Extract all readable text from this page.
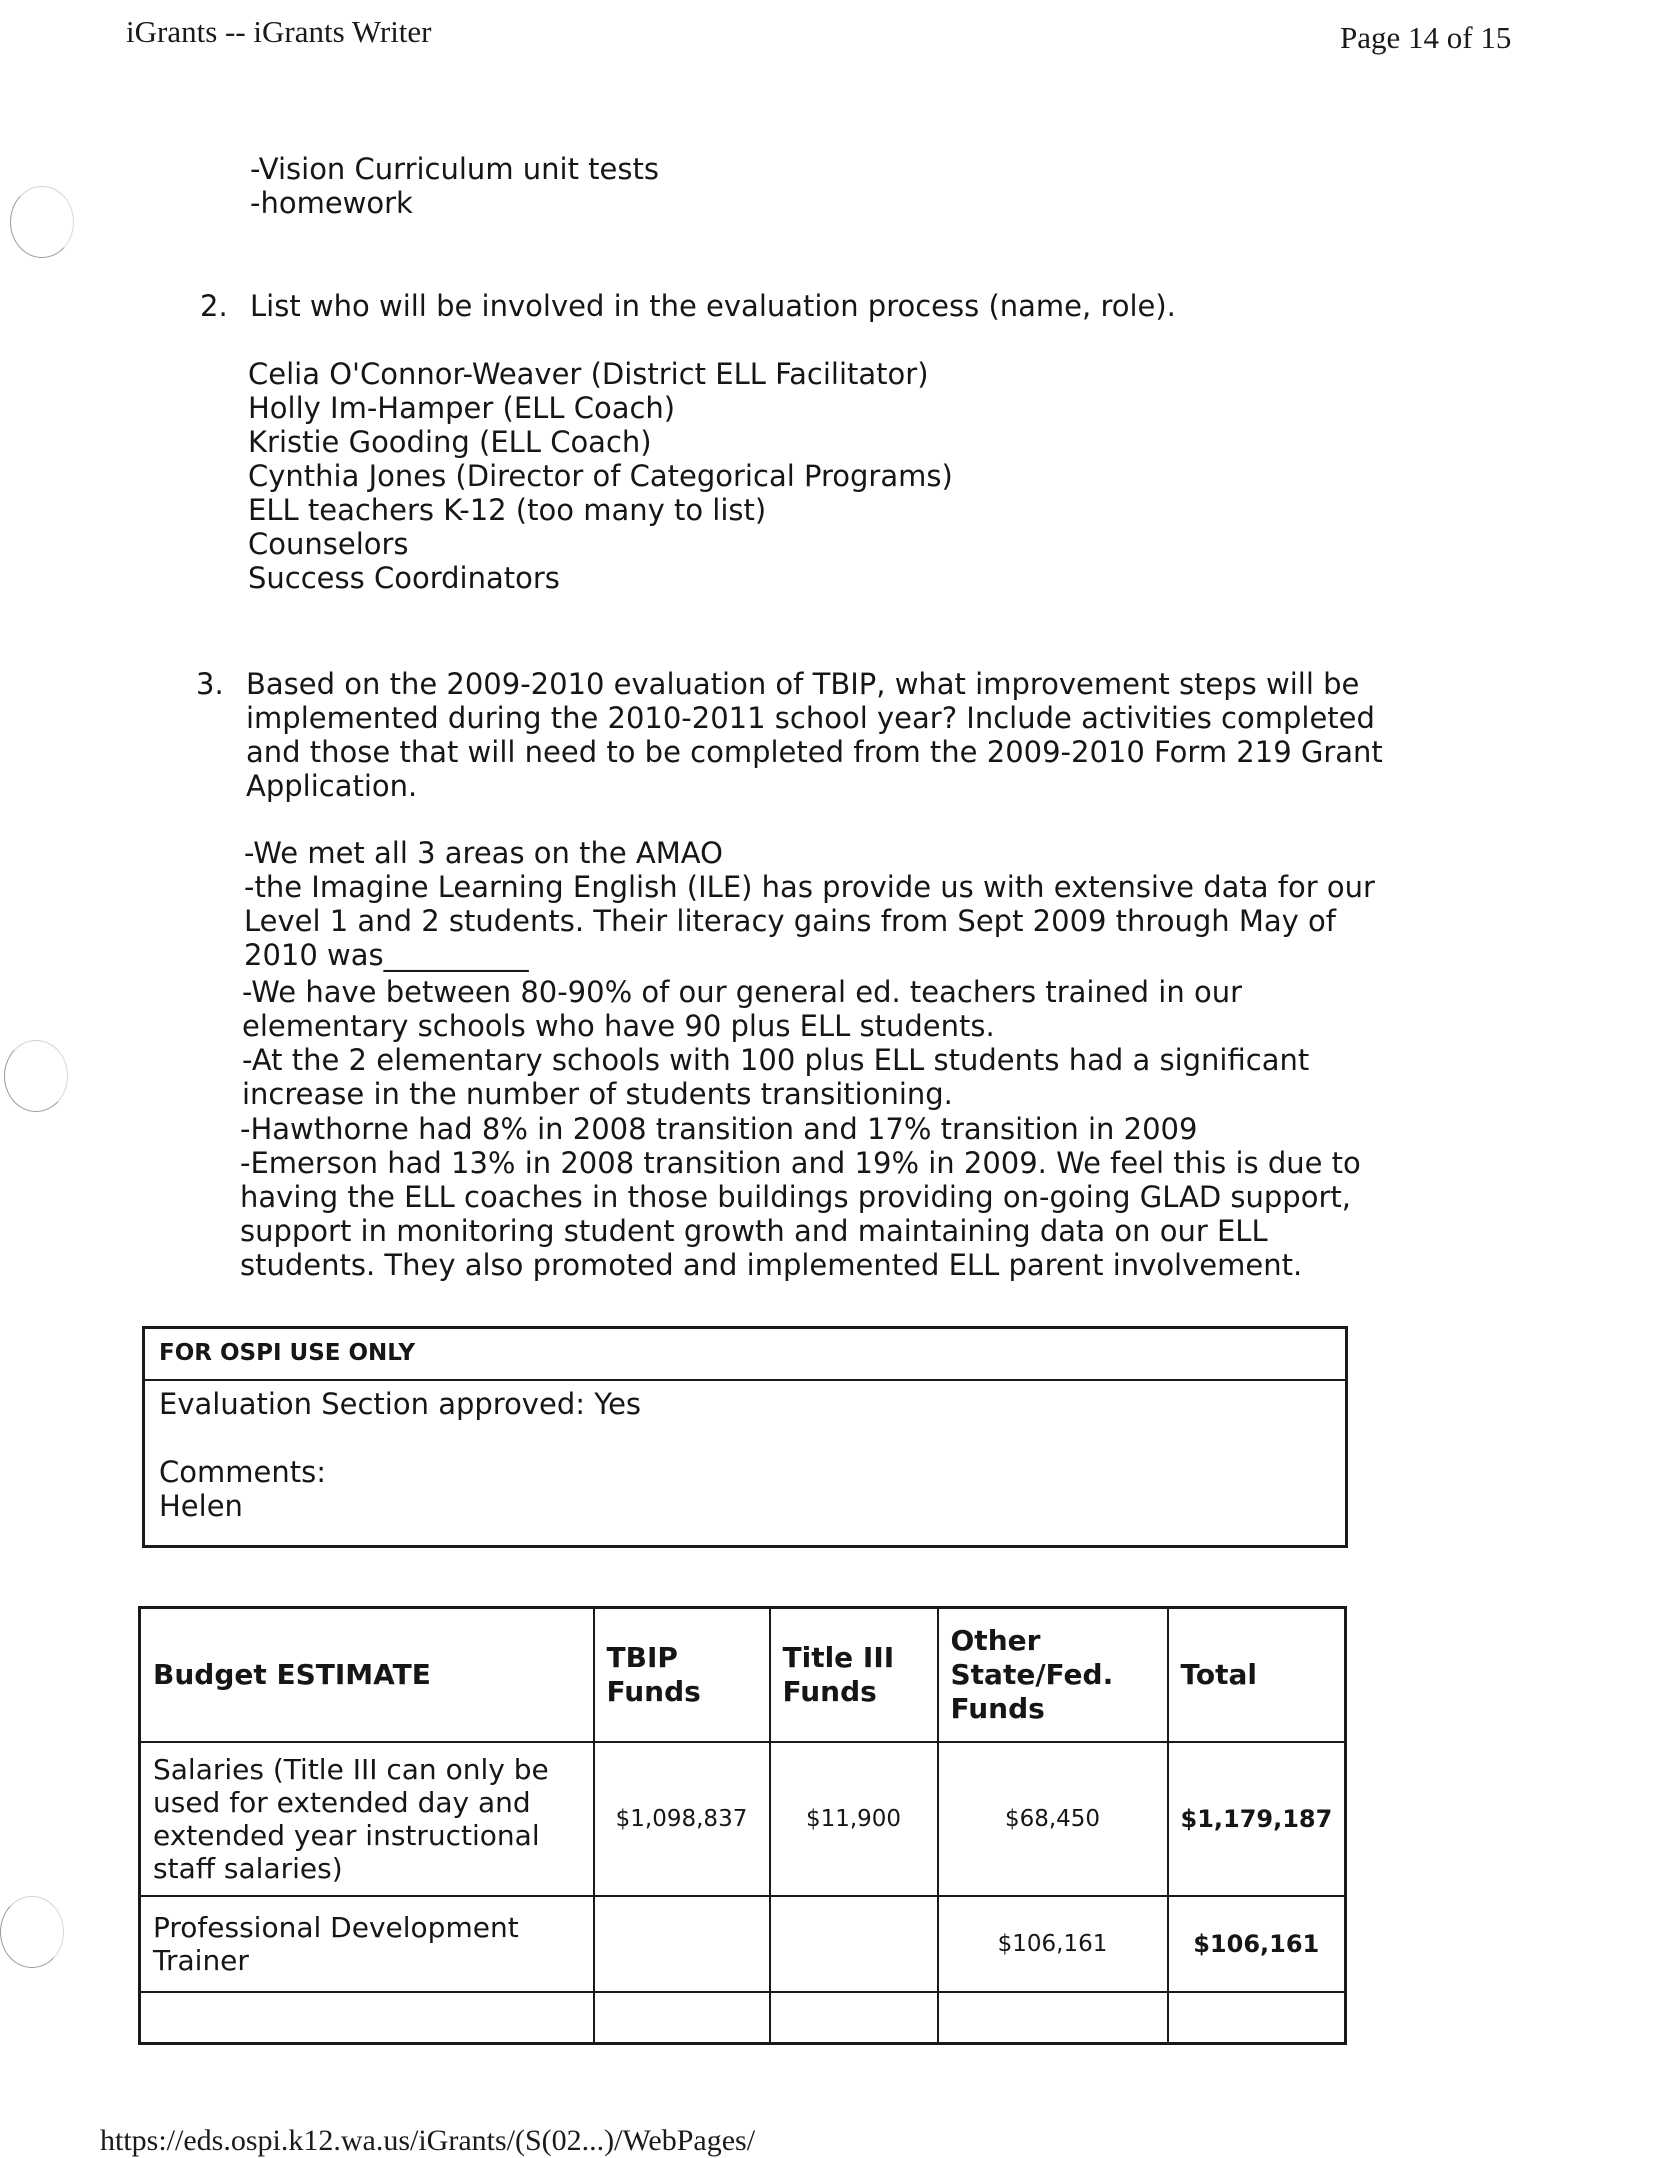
iGrants -- iGrants Writer	Page 14 of 15
-Vision Curriculum unit tests
-homework
2. List who will be involved in the evaluation process (name, role).
Celia O'Connor-Weaver (District ELL Facilitator)
Holly Im-Hamper (ELL Coach)
Kristie Gooding (ELL Coach)
Cynthia Jones (Director of Categorical Programs)
ELL teachers K-12 (too many to list)
Counselors
Success Coordinators
3. Based on the 2009-2010 evaluation of TBIP, what improvement steps will be
implemented during the 2010-2011 school year? Include activities completed
and those that will need to be completed from the 2009-2010 Form 219 Grant
Application.
-We met all 3 areas on the AMAO
-the Imagine Learning English (ILE) has provide us with extensive data for our
Level 1 and 2 students. Their literacy gains from Sept 2009 through May of
2010 was__________
-We have between 80-90% of our general ed. teachers trained in our
elementary schools who have 90 plus ELL students.
-At the 2 elementary schools with 100 plus ELL students had a significant
increase in the number of students transitioning.
-Hawthorne had 8% in 2008 transition and 17% transition in 2009
-Emerson had 13% in 2008 transition and 19% in 2009. We feel this is due to
having the ELL coaches in those buildings providing on-going GLAD support,
support in monitoring student growth and maintaining data on our ELL
students. They also promoted and implemented ELL parent involvement.
FOR OSPI USE ONLY

Evaluation Section approved: Yes
Comments:
Helen
Budget ESTIMATE	TBIP Funds	Title III Funds	Other State/Fed. Funds	Total
Salaries (Title III can only be used for extended day and extended year instructional staff salaries)	$1,098,837	$11,900	$68,450	$1,179,187
Professional Development Trainer			$106,161	$106,161

https://eds.ospi.k12.wa.us/iGrants/(S(02...)/WebPages/
